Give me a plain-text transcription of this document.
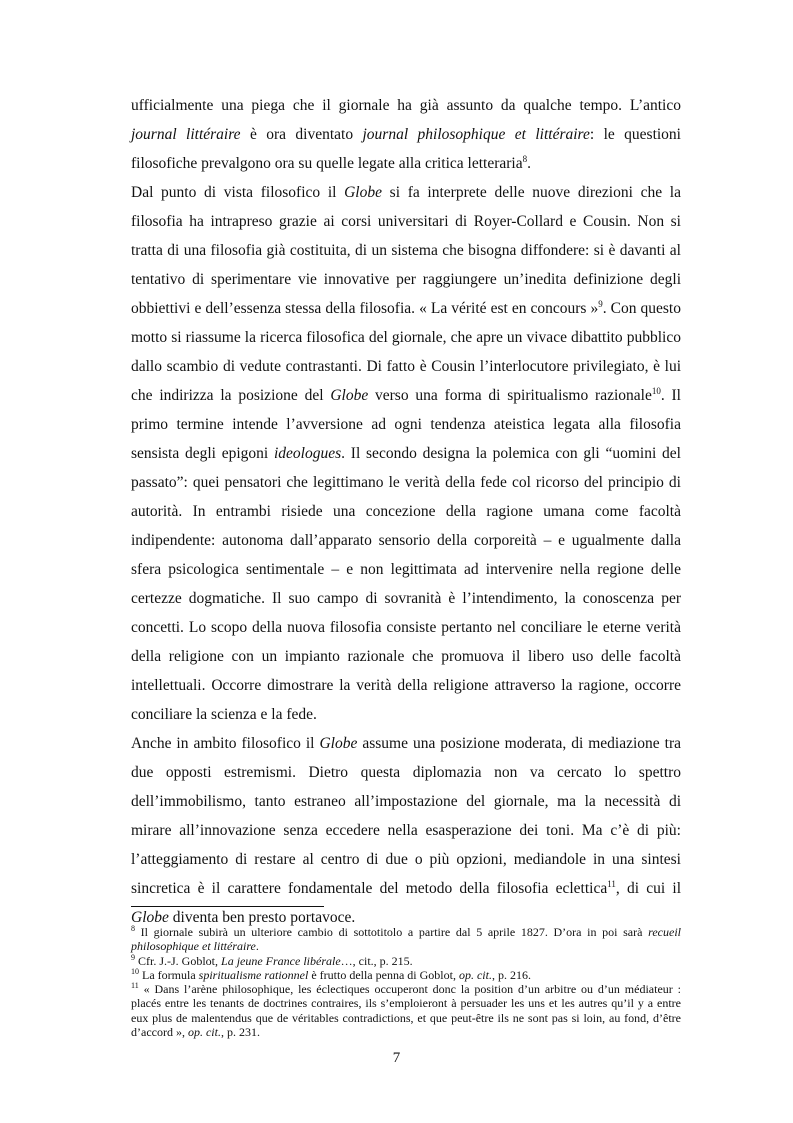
ufficialmente una piega che il giornale ha già assunto da qualche tempo. L’antico journal littéraire è ora diventato journal philosophique et littéraire: le questioni filosofiche prevalgono ora su quelle legate alla critica letteraria$^8$.

Dal punto di vista filosofico il Globe si fa interprete delle nuove direzioni che la filosofia ha intrapreso grazie ai corsi universitari di Royer-Collard e Cousin. Non si tratta di una filosofia già costituita, di un sistema che bisogna diffondere: si è davanti al tentativo di sperimentare vie innovative per raggiungere un’inedita definizione degli obbiettivi e dell’essenza stessa della filosofia. « La vérité est en concours »$^9$. Con questo motto si riassume la ricerca filosofica del giornale, che apre un vivace dibattito pubblico dallo scambio di vedute contrastanti. Di fatto è Cousin l’interlocutore privilegiato, è lui che indirizza la posizione del Globe verso una forma di spiritualismo razionale$^{10}$. Il primo termine intende l’avversione ad ogni tendenza ateistica legata alla filosofia sensista degli epigoni ideologues. Il secondo designa la polemica con gli “uomini del passato”: quei pensatori che legittimano le verità della fede col ricorso del principio di autorità. In entrambi risiede una concezione della ragione umana come facoltà indipendente: autonoma dall’apparato sensorio della corporeità – e ugualmente dalla sfera psicologica sentimentale – e non legittimata ad intervenire nella regione delle certezze dogmatiche. Il suo campo di sovranità è l’intendimento, la conoscenza per concetti. Lo scopo della nuova filosofia consiste pertanto nel conciliare le eterne verità della religione con un impianto razionale che promuova il libero uso delle facoltà intellettuali. Occorre dimostrare la verità della religione attraverso la ragione, occorre conciliare la scienza e la fede.

Anche in ambito filosofico il Globe assume una posizione moderata, di mediazione tra due opposti estremismi. Dietro questa diplomazia non va cercato lo spettro dell’immobilismo, tanto estraneo all’impostazione del giornale, ma la necessità di mirare all’innovazione senza eccedere nella esasperazione dei toni. Ma c’è di più: l’atteggiamento di restare al centro di due o più opzioni, mediandole in una sintesi sincretica è il carattere fondamentale del metodo della filosofia eclettica$^{11}$, di cui il Globe diventa ben presto portavoce.

$^8$ Il giornale subirà un ulteriore cambio di sottotitolo a partire dal 5 aprile 1827. D’ora in poi sarà recueil philosophique et littéraire.

$^9$ Cfr. J.-J. Goblot, La jeune France libérale…, cit., p. 215.

$^{10}$ La formula spiritualisme rationnel è frutto della penna di Goblot, op. cit., p. 216.

$^{11}$ « Dans l’arène philosophique, les éclectiques occuperont donc la position d’un arbitre ou d’un médiateur : placés entre les tenants de doctrines contraires, ils s’emploieront à persuader les uns et les autres qu’il y a entre eux plus de malentendus que de véritables contradictions, et que peut-être ils ne sont pas si loin, au fond, d’être d’accord », op. cit., p. 231.

7
